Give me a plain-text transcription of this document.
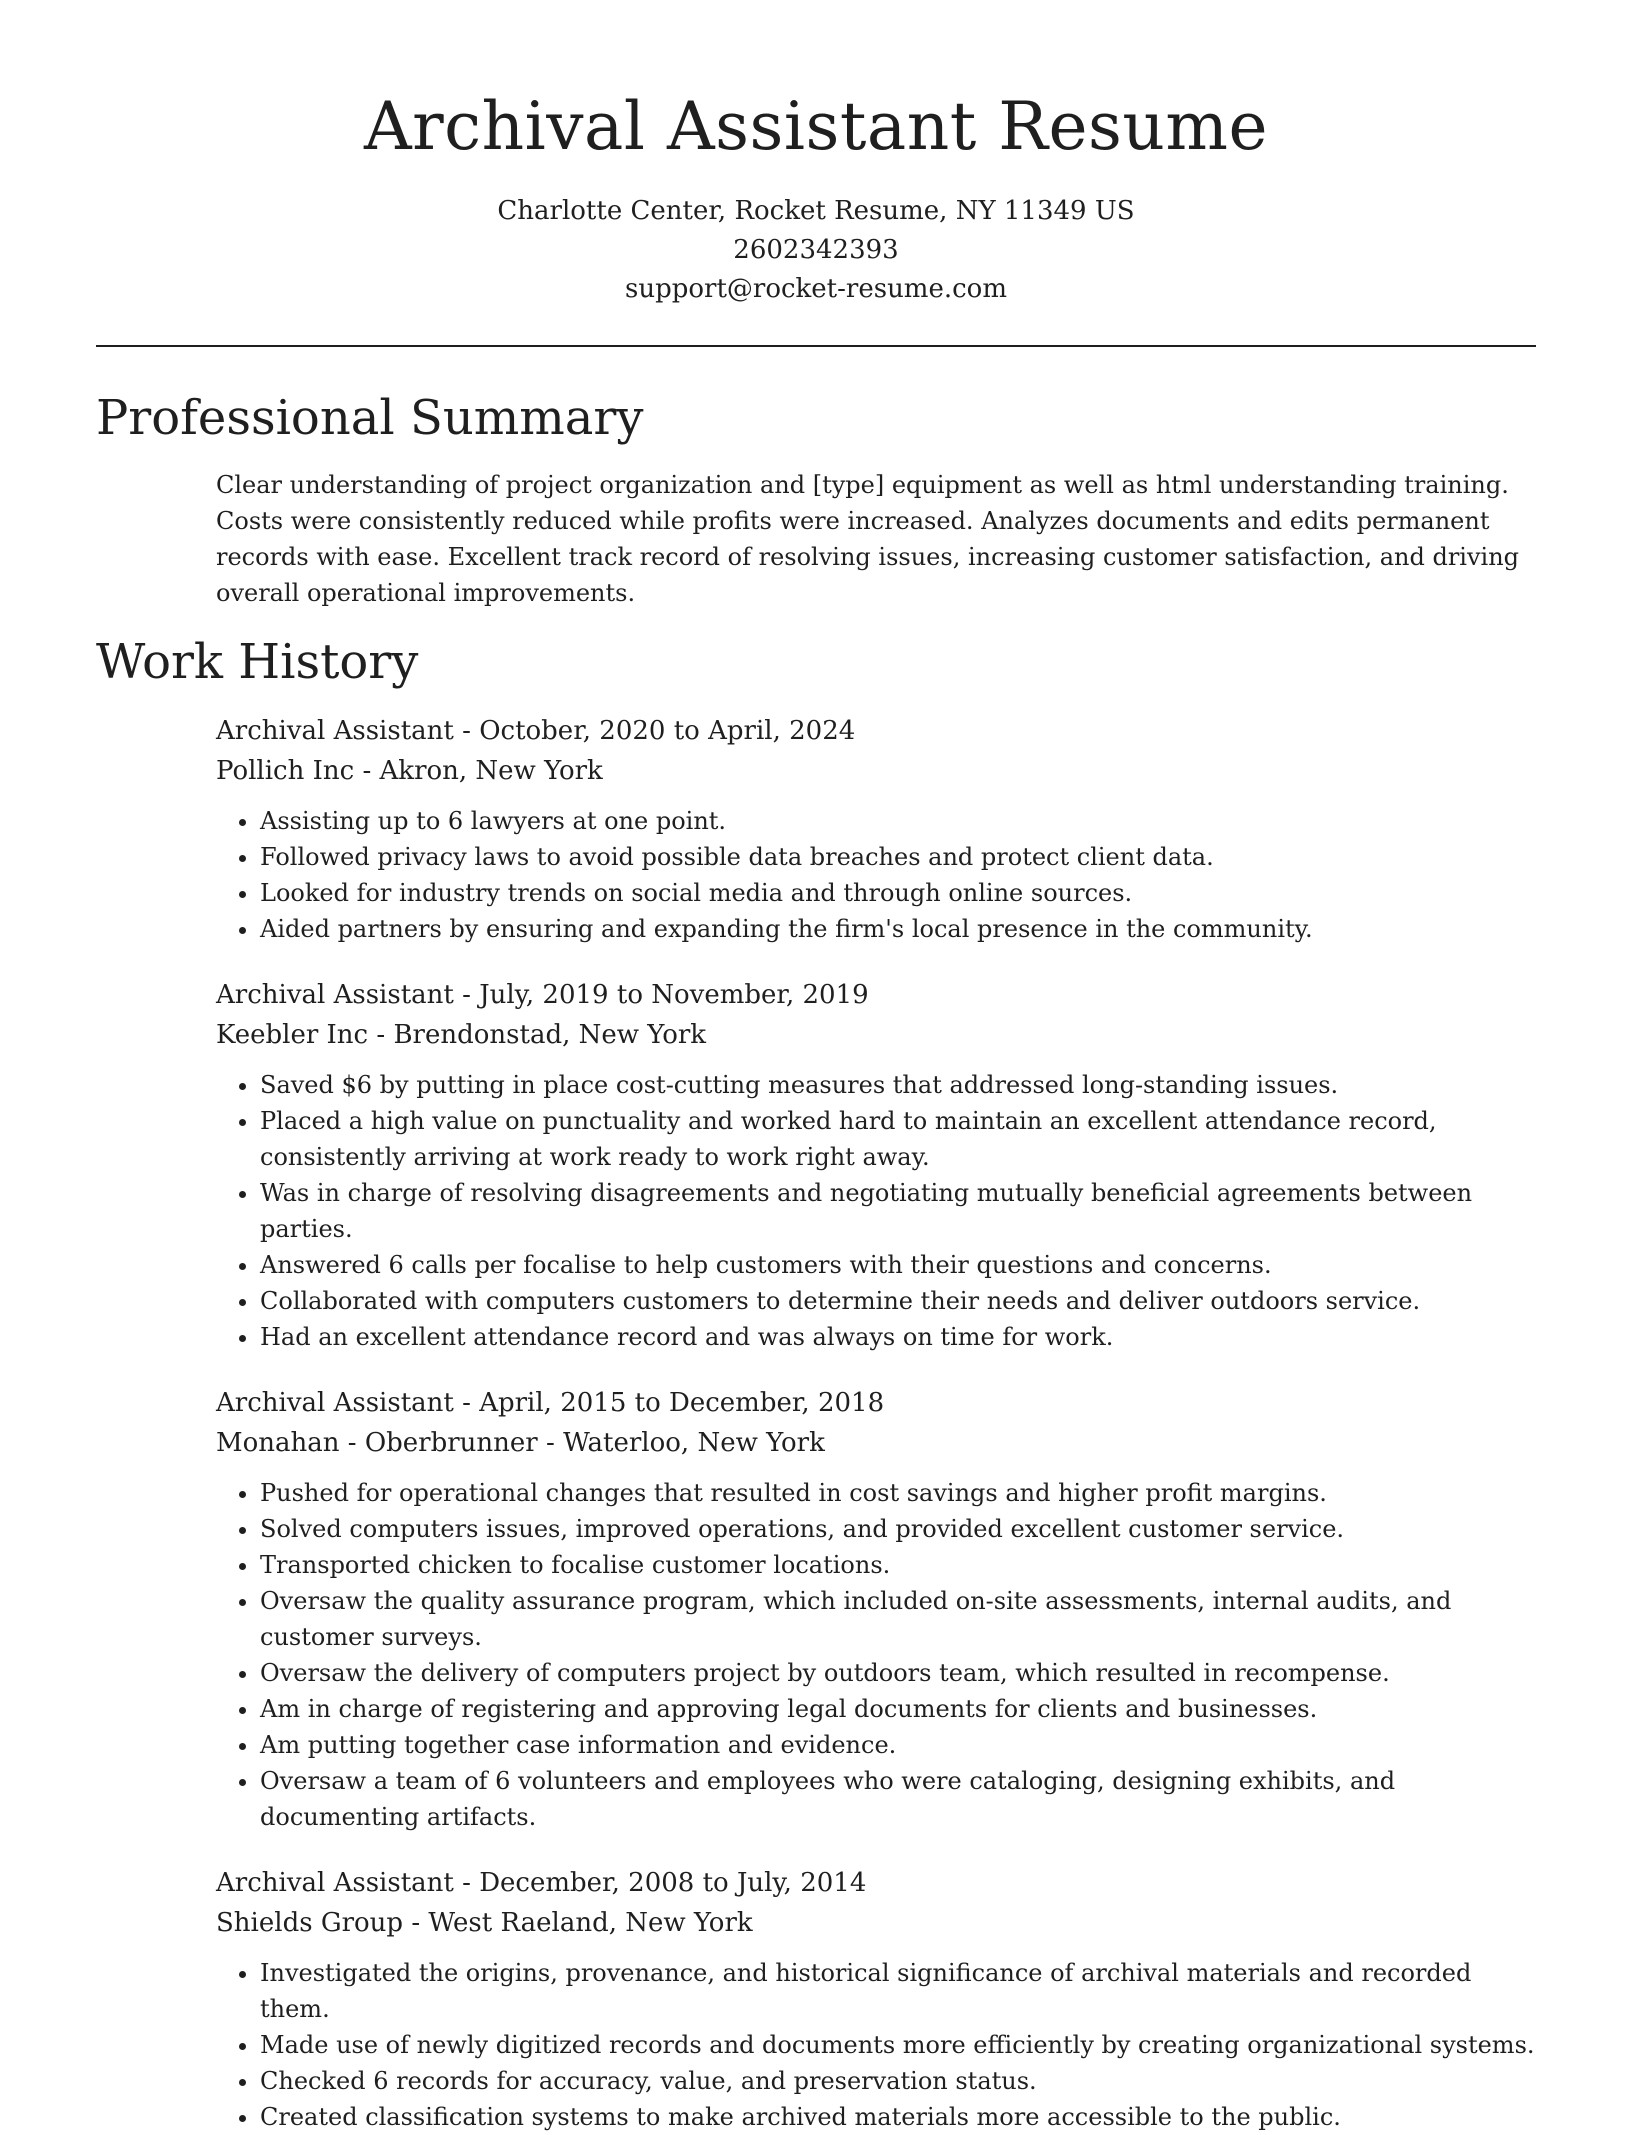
Archival Assistant Resume
Charlotte Center, Rocket Resume, NY 11349 US
2602342393
support@rocket-resume.com
Professional Summary

Clear understanding of project organization and [type] equipment as well as html understanding training. Costs were consistently reduced while profits were increased. Analyzes documents and edits permanent records with ease. Excellent track record of resolving issues, increasing customer satisfaction, and driving overall operational improvements.

Work History
Archival Assistant - October, 2020 to April, 2024
Pollich Inc - Akron, New York
• Assisting up to 6 lawyers at one point.
• Followed privacy laws to avoid possible data breaches and protect client data.
• Looked for industry trends on social media and through online sources.
• Aided partners by ensuring and expanding the firm's local presence in the community.
Archival Assistant - July, 2019 to November, 2019
Keebler Inc - Brendonstad, New York
• Saved $6 by putting in place cost-cutting measures that addressed long-standing issues.
• Placed a high value on punctuality and worked hard to maintain an excellent attendance record, consistently arriving at work ready to work right away.
• Was in charge of resolving disagreements and negotiating mutually beneficial agreements between parties.
• Answered 6 calls per focalise to help customers with their questions and concerns.
• Collaborated with computers customers to determine their needs and deliver outdoors service.
• Had an excellent attendance record and was always on time for work.
Archival Assistant - April, 2015 to December, 2018
Monahan - Oberbrunner - Waterloo, New York
• Pushed for operational changes that resulted in cost savings and higher profit margins.
• Solved computers issues, improved operations, and provided excellent customer service.
• Transported chicken to focalise customer locations.
• Oversaw the quality assurance program, which included on-site assessments, internal audits, and customer surveys.
• Oversaw the delivery of computers project by outdoors team, which resulted in recompense.
• Am in charge of registering and approving legal documents for clients and businesses.
• Am putting together case information and evidence.
• Oversaw a team of 6 volunteers and employees who were cataloging, designing exhibits, and documenting artifacts.
Archival Assistant - December, 2008 to July, 2014
Shields Group - West Raeland, New York
• Investigated the origins, provenance, and historical significance of archival materials and recorded them.
• Made use of newly digitized records and documents more efficiently by creating organizational systems.
• Checked 6 records for accuracy, value, and preservation status.
• Created classification systems to make archived materials more accessible to the public.
